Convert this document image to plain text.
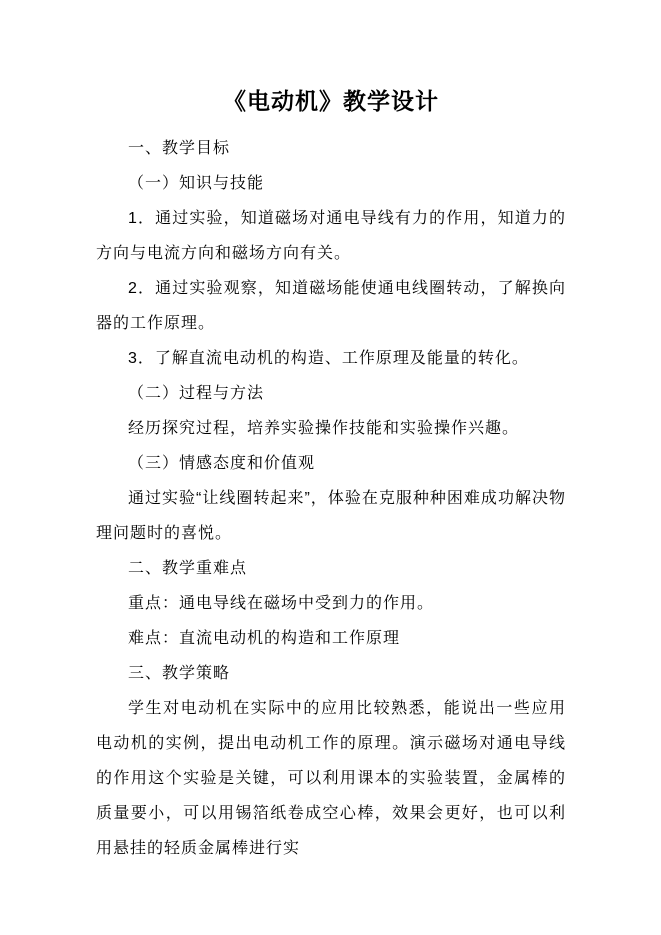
《电动机》教学设计

一、教学目标

（一）知识与技能

1．通过实验，知道磁场对通电导线有力的作用，知道力的方向与电流方向和磁场方向有关。

2．通过实验观察，知道磁场能使通电线圈转动，了解换向器的工作原理。

3．了解直流电动机的构造、工作原理及能量的转化。

（二）过程与方法

经历探究过程，培养实验操作技能和实验操作兴趣。

（三）情感态度和价值观

通过实验“让线圈转起来”，体验在克服种种困难成功解决物理问题时的喜悦。

二、教学重难点

重点：通电导线在磁场中受到力的作用。

难点：直流电动机的构造和工作原理

三、教学策略

学生对电动机在实际中的应用比较熟悉，能说出一些应用电动机的实例，提出电动机工作的原理。演示磁场对通电导线的作用这个实验是关键，可以利用课本的实验装置，金属棒的质量要小，可以用锡箔纸卷成空心棒，效果会更好，也可以利用悬挂的轻质金属棒进行实
